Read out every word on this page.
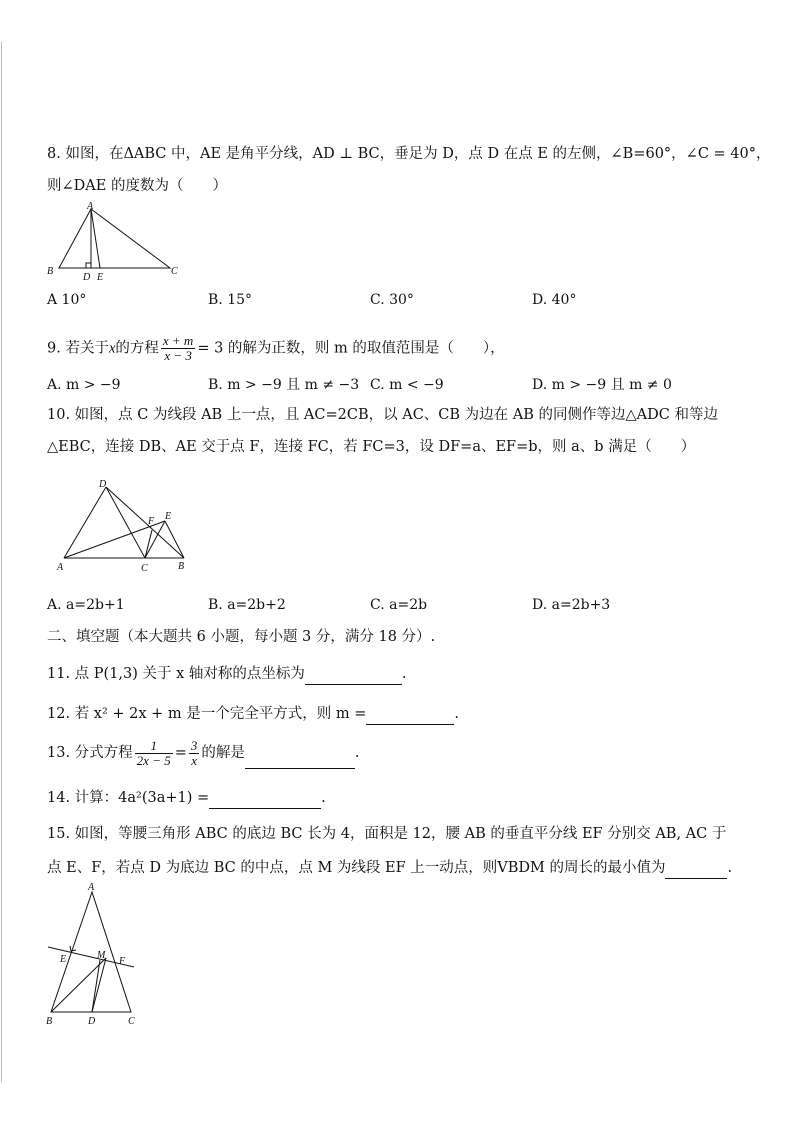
8. 如图，在ΔABC 中，AE 是角平分线，AD ⊥ BC，垂足为 D，点 D 在点 E 的左侧，∠B=60°，∠C = 40°，
则∠DAE 的度数为（　　）
A
B	C
D E
A 10°	B. 15°	C. 30°	D. 40°
9. 若关于x的方程 $\frac{x + m}{x - 3} = 3$ 的解为正数，则 m 的取值范围是（　　），
A. m > −9	B. m > −9 且 m ≠ −3 C. m < −9	D. m > −9 且 m ≠ 0
10. 如图，点 C 为线段 AB 上一点，且 AC=2CB，以 AC、CB 为边在 AB 的同侧作等边△ADC 和等边
△EBC，连接 DB、AE 交于点 F，连接 FC，若 FC=3，设 DF=a、EF=b，则 a、b 满足（　　）
D
F E
A	C	B
A. a=2b+1	B. a=2b+2	C. a=2b	D. a=2b+3
二、填空题（本大题共 6 小题，每小题 3 分，满分 18 分）.
11. 点 P(1,3) 关于 x 轴对称的点坐标为	.
12. 若 x² + 2x + m 是一个完全平方式，则 m =	.
13. 分式方程 $\frac{1}{2x - 5} = \frac{3}{x}$ 的解是	.
14. 计算：4a²(3a+1) =	.
15. 如图，等腰三角形 ABC 的底边 BC 长为 4，面积是 12，腰 AB 的垂直平分线 EF 分别交 AB, AC 于
点 E、F，若点 D 为底边 BC 的中点，点 M 为线段 EF 上一动点，则VBDM 的周长的最小值为	.
A
E	M
F
B	D	C
